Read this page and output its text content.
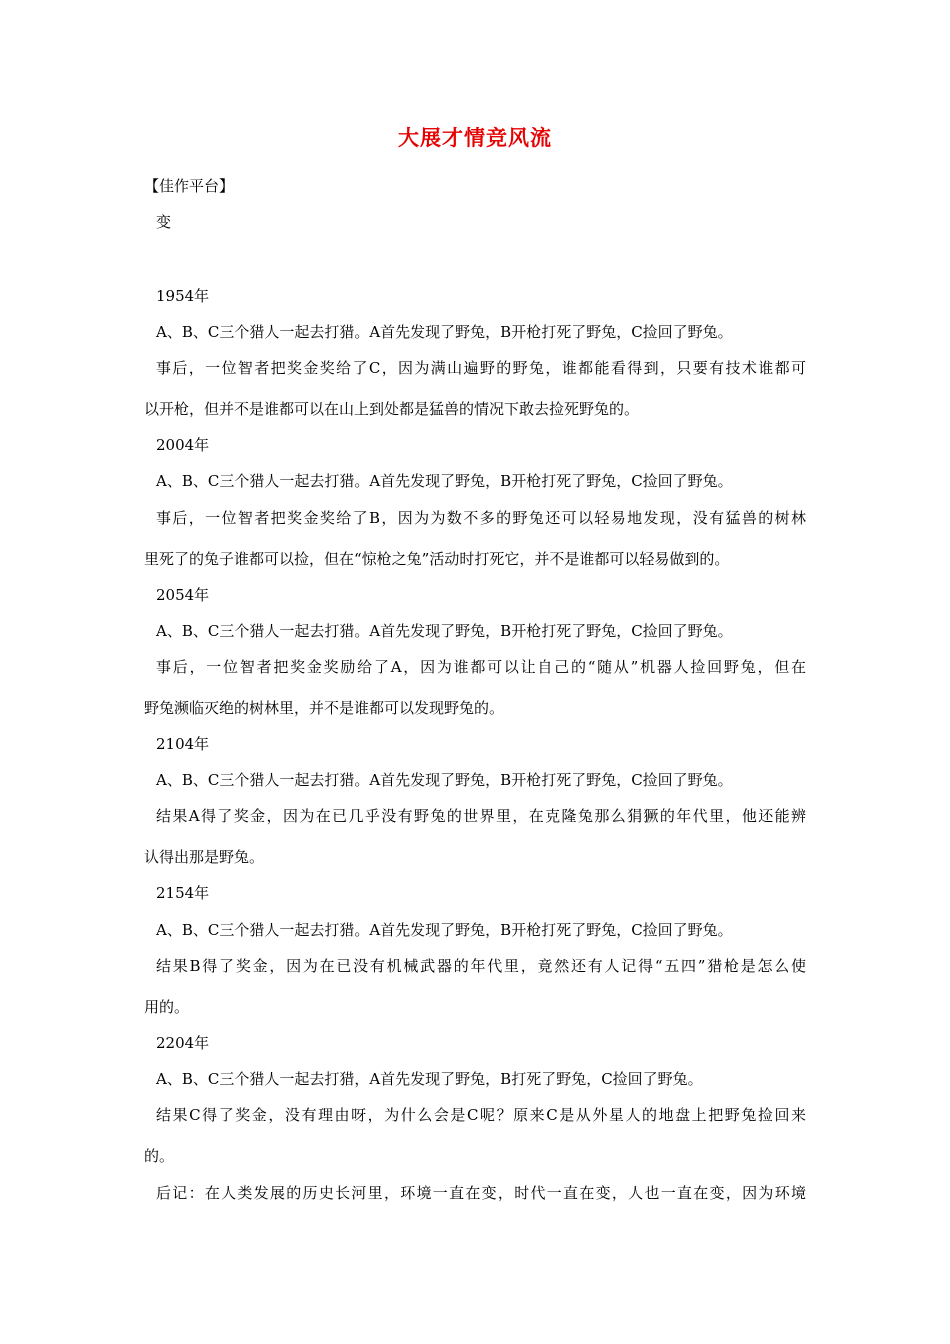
大展才情竞风流
【佳作平台】
变
1954年
A、B、C三个猎人一起去打猎。A首先发现了野兔，B开枪打死了野兔，C捡回了野兔。
事后，一位智者把奖金奖给了C，因为满山遍野的野兔，谁都能看得到，只要有技术谁都可
以开枪，但并不是谁都可以在山上到处都是猛兽的情况下敢去捡死野兔的。
2004年
A、B、C三个猎人一起去打猎。A首先发现了野兔，B开枪打死了野兔，C捡回了野兔。
事后，一位智者把奖金奖给了B，因为为数不多的野兔还可以轻易地发现，没有猛兽的树林
里死了的兔子谁都可以捡，但在“惊枪之兔”活动时打死它，并不是谁都可以轻易做到的。
2054年
A、B、C三个猎人一起去打猎。A首先发现了野兔，B开枪打死了野兔，C捡回了野兔。
事后，一位智者把奖金奖励给了A，因为谁都可以让自己的“随从”机器人捡回野兔，但在
野兔濒临灭绝的树林里，并不是谁都可以发现野兔的。
2104年
A、B、C三个猎人一起去打猎。A首先发现了野兔，B开枪打死了野兔，C捡回了野兔。
结果A得了奖金，因为在已几乎没有野兔的世界里，在克隆兔那么狷獗的年代里，他还能辨
认得出那是野兔。
2154年
A、B、C三个猎人一起去打猎。A首先发现了野兔，B开枪打死了野兔，C捡回了野兔。
结果B得了奖金，因为在已没有机械武器的年代里，竟然还有人记得“五四”猎枪是怎么使
用的。
2204年
A、B、C三个猎人一起去打猎，A首先发现了野兔，B打死了野兔，C捡回了野兔。
结果C得了奖金，没有理由呀，为什么会是C呢？原来C是从外星人的地盘上把野兔捡回来
的。
后记：在人类发展的历史长河里，环境一直在变，时代一直在变，人也一直在变，因为环境
